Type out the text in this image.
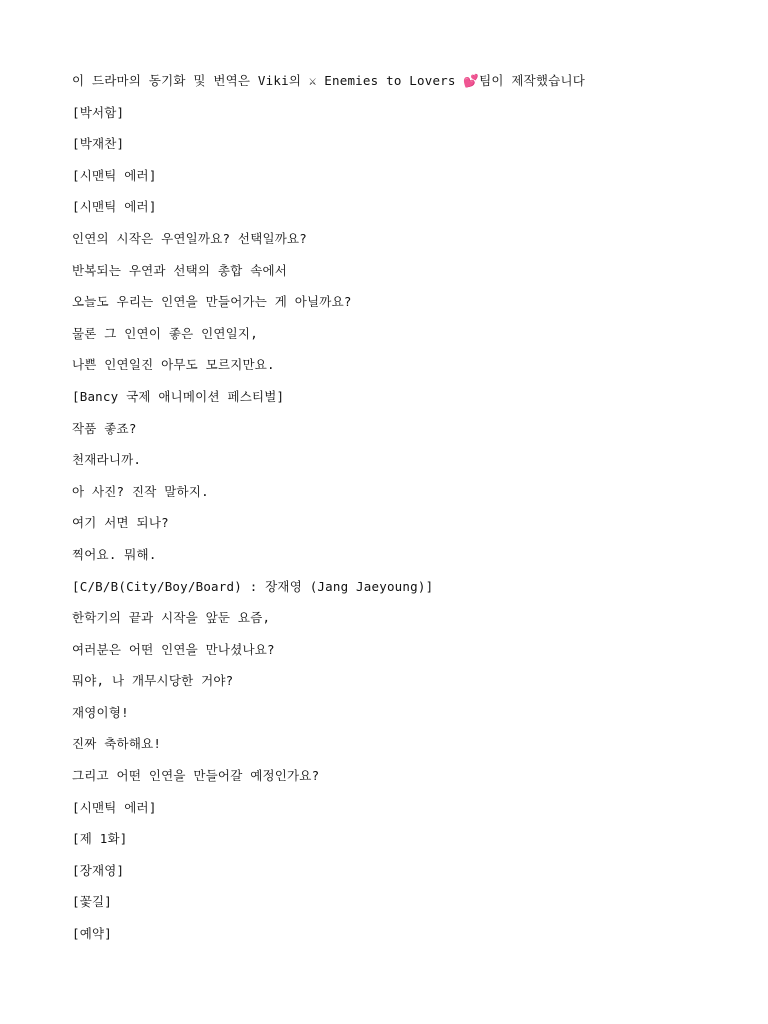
이 드라마의 동기화 및 번역은 Viki의 ⚔ Enemies to Lovers 💕팀이 제작했습니다
[박서함]
[박재찬]
[시맨틱 에러]
[시맨틱 에러]
인연의 시작은 우연일까요? 선택일까요?
반복되는 우연과 선택의 총합 속에서
오늘도 우리는 인연을 만들어가는 게 아닐까요?
물론 그 인연이 좋은 인연일지,
나쁜 인연일진 아무도 모르지만요.
[Bancy 국제 애니메이션 페스티벌]
작품 좋죠?
천재라니까.
아 사진? 진작 말하지.
여기 서면 되나?
찍어요. 뭐해.
[C/B/B(City/Boy/Board) : 장재영 (Jang Jaeyoung)]
한학기의 끝과 시작을 앞둔 요즘,
여러분은 어떤 인연을 만나셨나요?
뭐야, 나 개무시당한 거야?
재영이형!
진짜 축하해요!
그리고 어떤 인연을 만들어갈 예정인가요?
[시맨틱 에러]
[제 1화]
[장재영]
[꽃길]
[예약]
